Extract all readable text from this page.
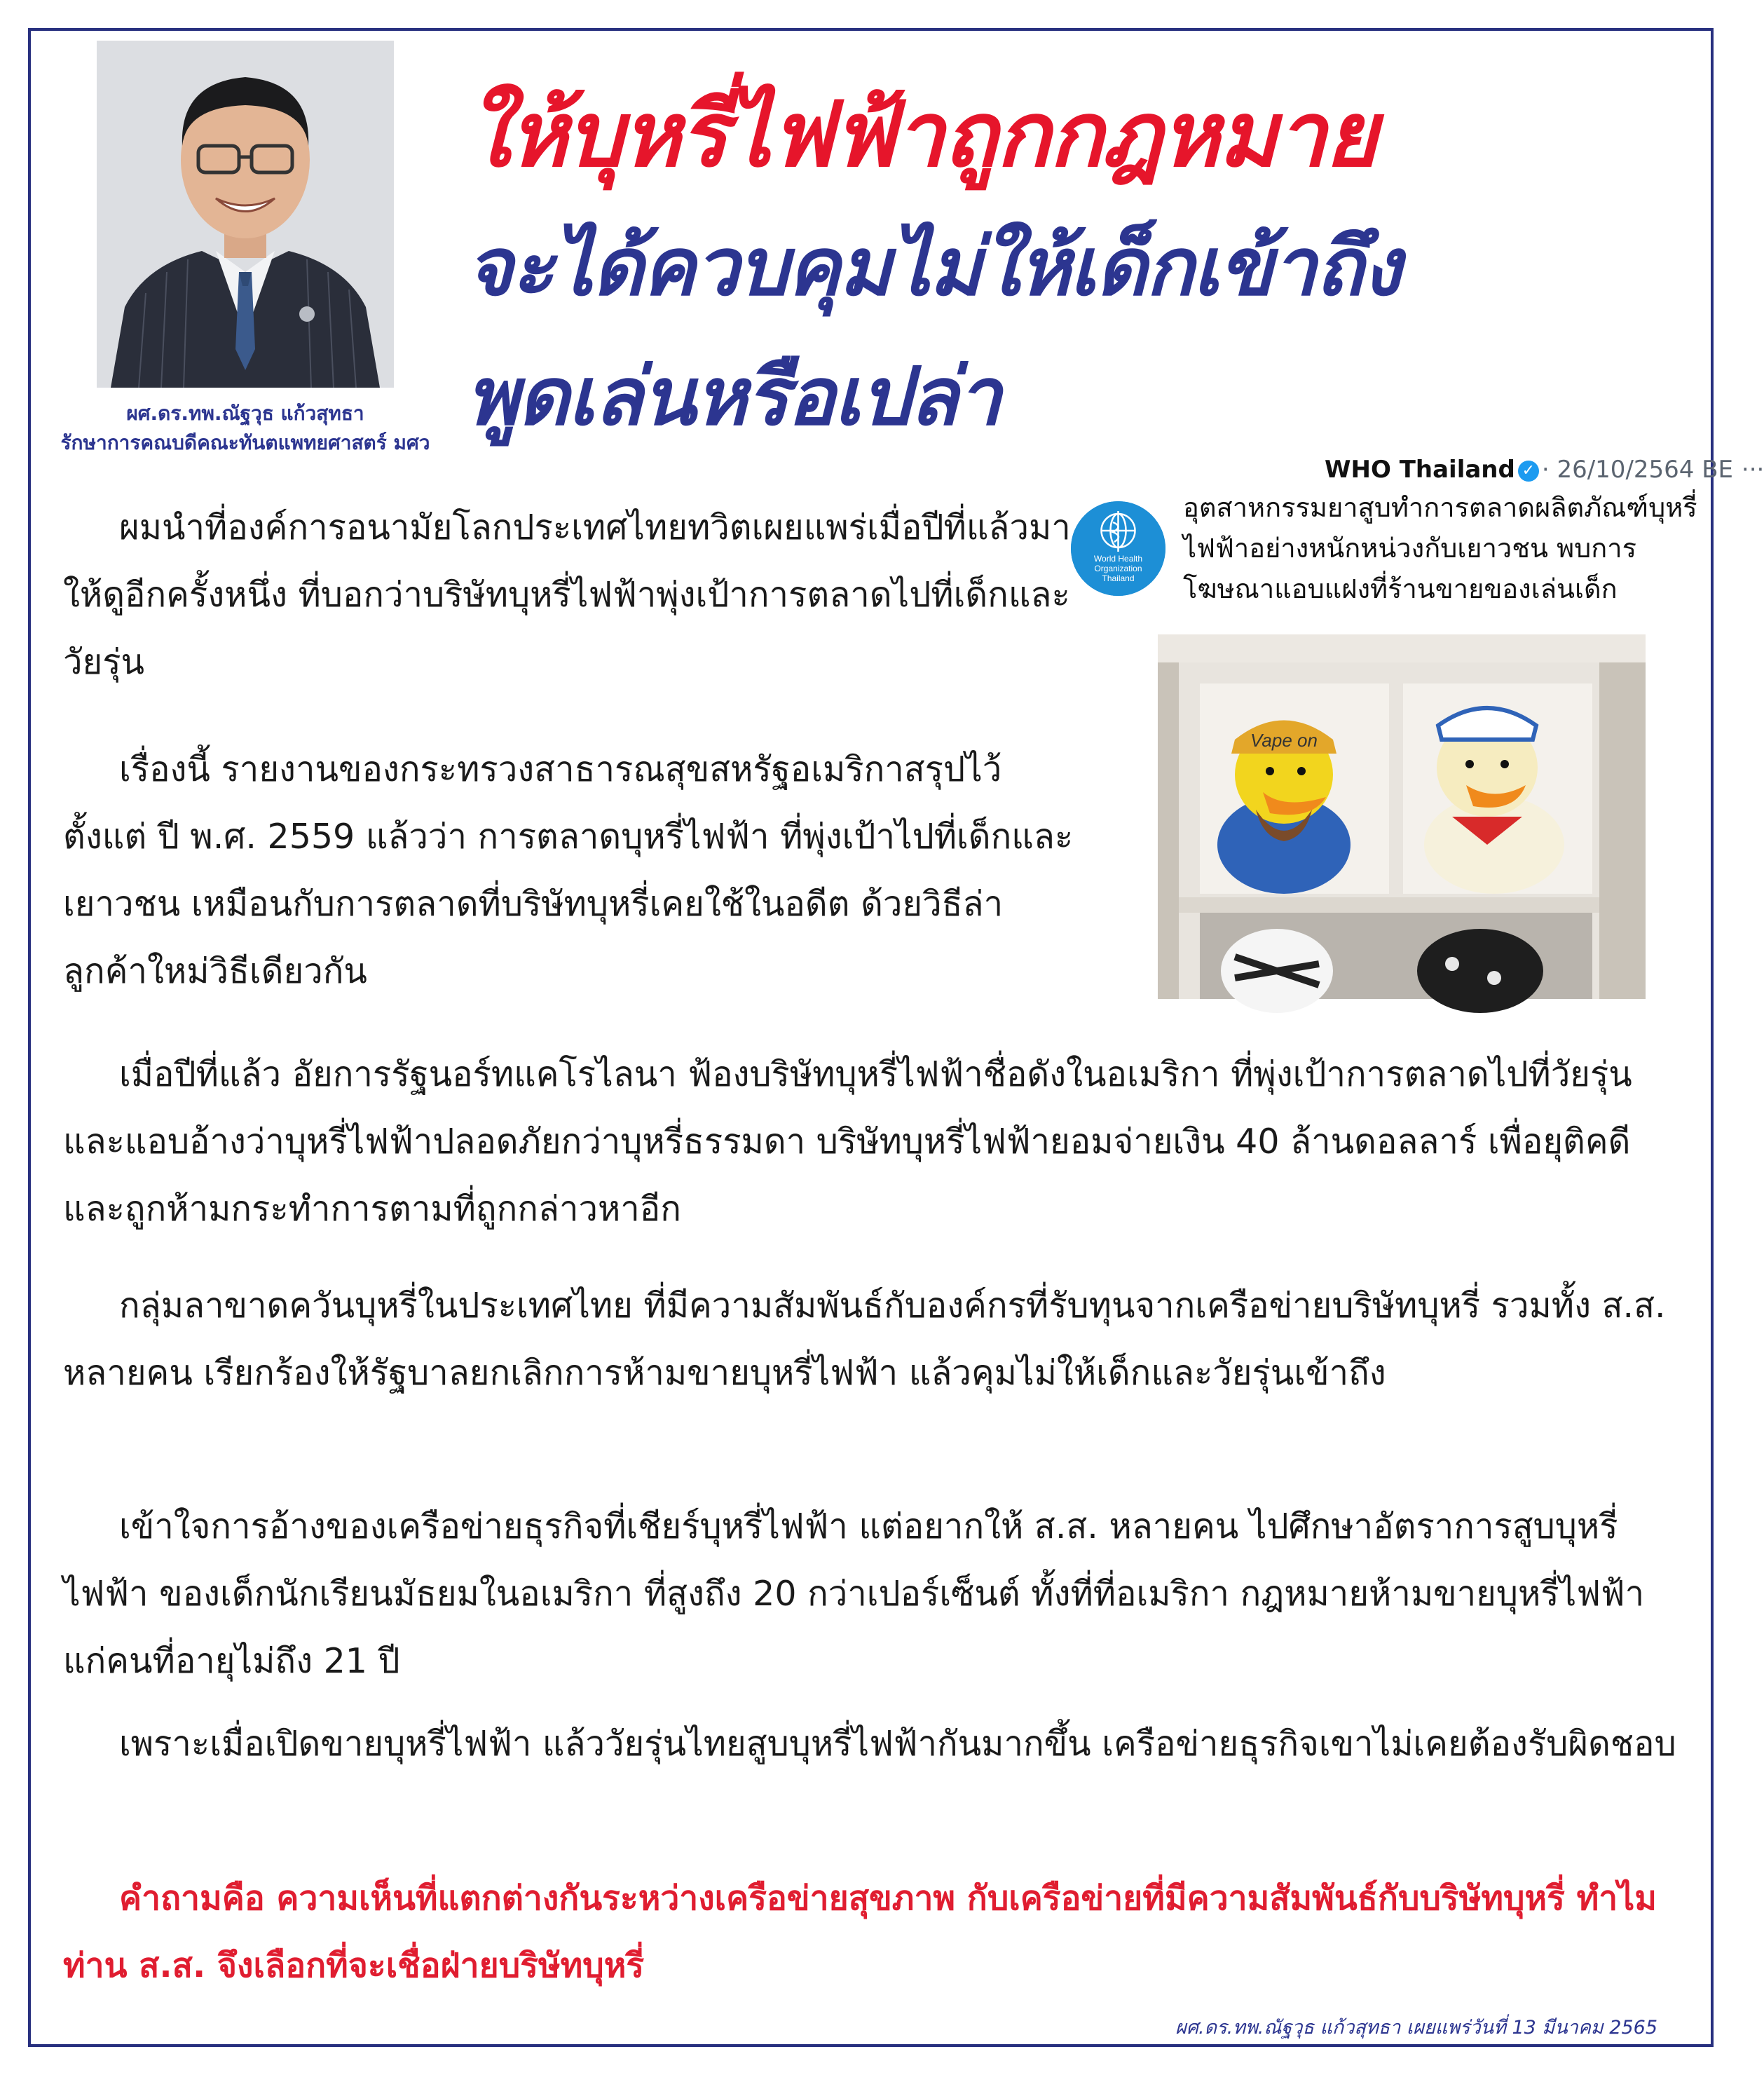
ผศ.ดร.ทพ.ณัฐวุธ แก้วสุทธา
รักษาการคณบดีคณะทันตแพทยศาสตร์ มศว
ให้บุหรี่ไฟฟ้าถูกกฎหมาย
จะได้ควบคุมไม่ให้เด็กเข้าถึง
พูดเล่นหรือเปล่า
WHO Thailand ✓ · 26/10/2564 BE ···
World Health
Organization
Thailand
อุตสาหกรรมยาสูบทำการตลาดผลิตภัณฑ์บุหรี่ไฟฟ้าอย่างหนักหน่วงกับเยาวชน พบการโฆษณาแอบแฝงที่ร้านขายของเล่นเด็ก
Vape on

ผมนำที่องค์การอนามัยโลกประเทศไทยทวิตเผยแพร่เมื่อปีที่แล้วมาให้ดูอีกครั้งหนึ่ง ที่บอกว่าบริษัทบุหรี่ไฟฟ้าพุ่งเป้าการตลาดไปที่เด็กและวัยรุ่น

เรื่องนี้ รายงานของกระทรวงสาธารณสุขสหรัฐอเมริกาสรุปไว้ตั้งแต่ ปี พ.ศ. 2559 แล้วว่า การตลาดบุหรี่ไฟฟ้า ที่พุ่งเป้าไปที่เด็กและเยาวชน เหมือนกับการตลาดที่บริษัทบุหรี่เคยใช้ในอดีต ด้วยวิธีล่าลูกค้าใหม่วิธีเดียวกัน

เมื่อปีที่แล้ว อัยการรัฐนอร์ทแคโรไลนา ฟ้องบริษัทบุหรี่ไฟฟ้าชื่อดังในอเมริกา ที่พุ่งเป้าการตลาดไปที่วัยรุ่น และแอบอ้างว่าบุหรี่ไฟฟ้าปลอดภัยกว่าบุหรี่ธรรมดา บริษัทบุหรี่ไฟฟ้ายอมจ่ายเงิน 40 ล้านดอลลาร์ เพื่อยุติคดีและถูกห้ามกระทำการตามที่ถูกกล่าวหาอีก

กลุ่มลาขาดควันบุหรี่ในประเทศไทย ที่มีความสัมพันธ์กับองค์กรที่รับทุนจากเครือข่ายบริษัทบุหรี่ รวมทั้ง ส.ส. หลายคน เรียกร้องให้รัฐบาลยกเลิกการห้ามขายบุหรี่ไฟฟ้า แล้วคุมไม่ให้เด็กและวัยรุ่นเข้าถึง

เข้าใจการอ้างของเครือข่ายธุรกิจที่เชียร์บุหรี่ไฟฟ้า แต่อยากให้ ส.ส. หลายคน ไปศึกษาอัตราการสูบบุหรี่ไฟฟ้า ของเด็กนักเรียนมัธยมในอเมริกา ที่สูงถึง 20 กว่าเปอร์เซ็นต์ ทั้งที่ที่อเมริกา กฎหมายห้ามขายบุหรี่ไฟฟ้าแก่คนที่อายุไม่ถึง 21 ปี

เพราะเมื่อเปิดขายบุหรี่ไฟฟ้า แล้ววัยรุ่นไทยสูบบุหรี่ไฟฟ้ากันมากขึ้น เครือข่ายธุรกิจเขาไม่เคยต้องรับผิดชอบ

คำถามคือ ความเห็นที่แตกต่างกันระหว่างเครือข่ายสุขภาพ กับเครือข่ายที่มีความสัมพันธ์กับบริษัทบุหรี่ ทำไมท่าน ส.ส. จึงเลือกที่จะเชื่อฝ่ายบริษัทบุหรี่

ผศ.ดร.ทพ.ณัฐวุธ แก้วสุทธา เผยแพร่วันที่ 13 มีนาคม 2565
